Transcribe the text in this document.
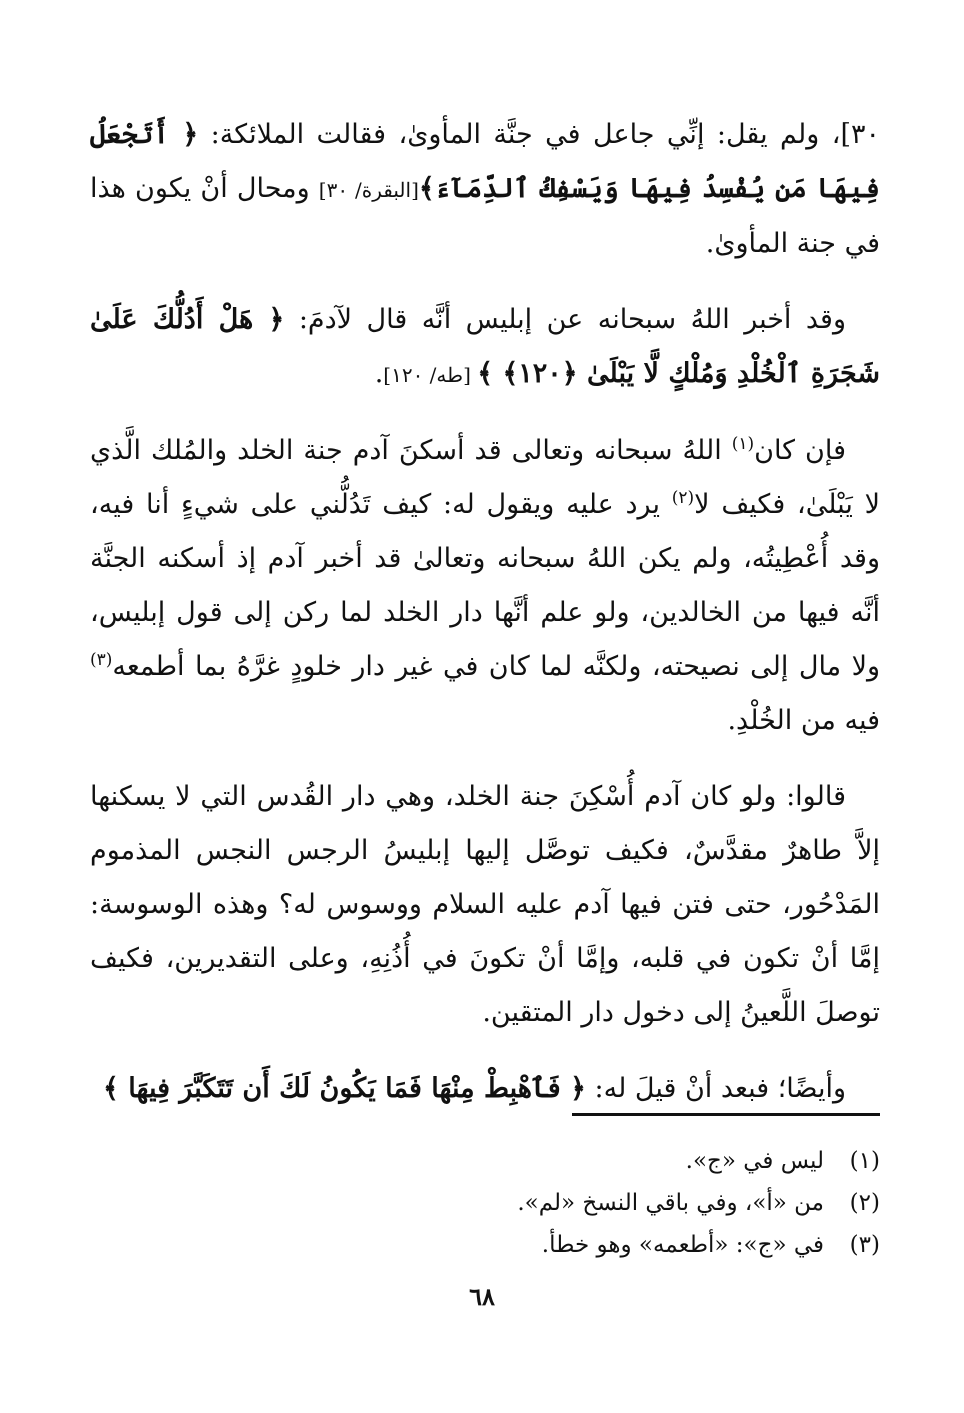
٣٠]، ولم يقل: إنِّي جاعل في جنَّة المأوىٰ، فقالت الملائكة: ﴿ أَتَجْعَلُ فِيهَا مَن يُفْسِدُ فِيهَا وَيَسْفِكُ ٱلدِّمَآءَ﴾[البقرة/ ٣٠] ومحال أنْ يكون هذا في جنة المأوىٰ.

وقد أخبر اللهُ سبحانه عن إبليس أنَّه قال لآدمَ: ﴿ هَلْ أَدُلُّكَ عَلَىٰ شَجَرَةِ ٱلْخُلْدِ وَمُلْكٍ لَّا يَبْلَىٰ ﴿١٢٠﴾ ﴾ [طه/ ١٢٠].

فإن كان$^{(١)}$ اللهُ سبحانه وتعالى قد أسكنَ آدم جنة الخلد والمُلك الَّذي لا يَبْلَىٰ، فكيف لا$^{(٢)}$ يرد عليه ويقول له: كيف تَدُلُّني على شيءٍ أنا فيه، وقد أُعْطِيتُه، ولم يكن اللهُ سبحانه وتعالىٰ قد أخبر آدم إذ أسكنه الجنَّة أنَّه فيها من الخالدين، ولو علم أنَّها دار الخلد لما ركن إلى قول إبليس، ولا مال إلى نصيحته، ولكنَّه لما كان في غير دار خلودٍ غرَّهُ بما أطمعه$^{(٣)}$ فيه من الخُلْدِ.

قالوا: ولو كان آدم أُسْكِنَ جنة الخلد، وهي دار القُدس التي لا يسكنها إلاَّ طاهرٌ مقدَّسٌ، فكيف توصَّل إليها إبليسُ الرجس النجس المذموم المَدْحُور، حتى فتن فيها آدم عليه السلام ووسوس له؟ وهذه الوسوسة: إمَّا أنْ تكون في قلبه، وإمَّا أنْ تكونَ في أُذُنِهِ، وعلى التقديرين، فكيف توصلَ اللَّعينُ إلى دخول دار المتقين.

وأيضًا؛ فبعد أنْ قيلَ له: ﴿ فَٱهْبِطْ مِنْهَا فَمَا يَكُونُ لَكَ أَن تَتَكَبَّرَ فِيهَا ﴾

(١)
ليس في «ج».
(٢)
من «أ»، وفي باقي النسخ «لم».
(٣)
في «ج»: «أطعمه» وهو خطأ.
٦٨
